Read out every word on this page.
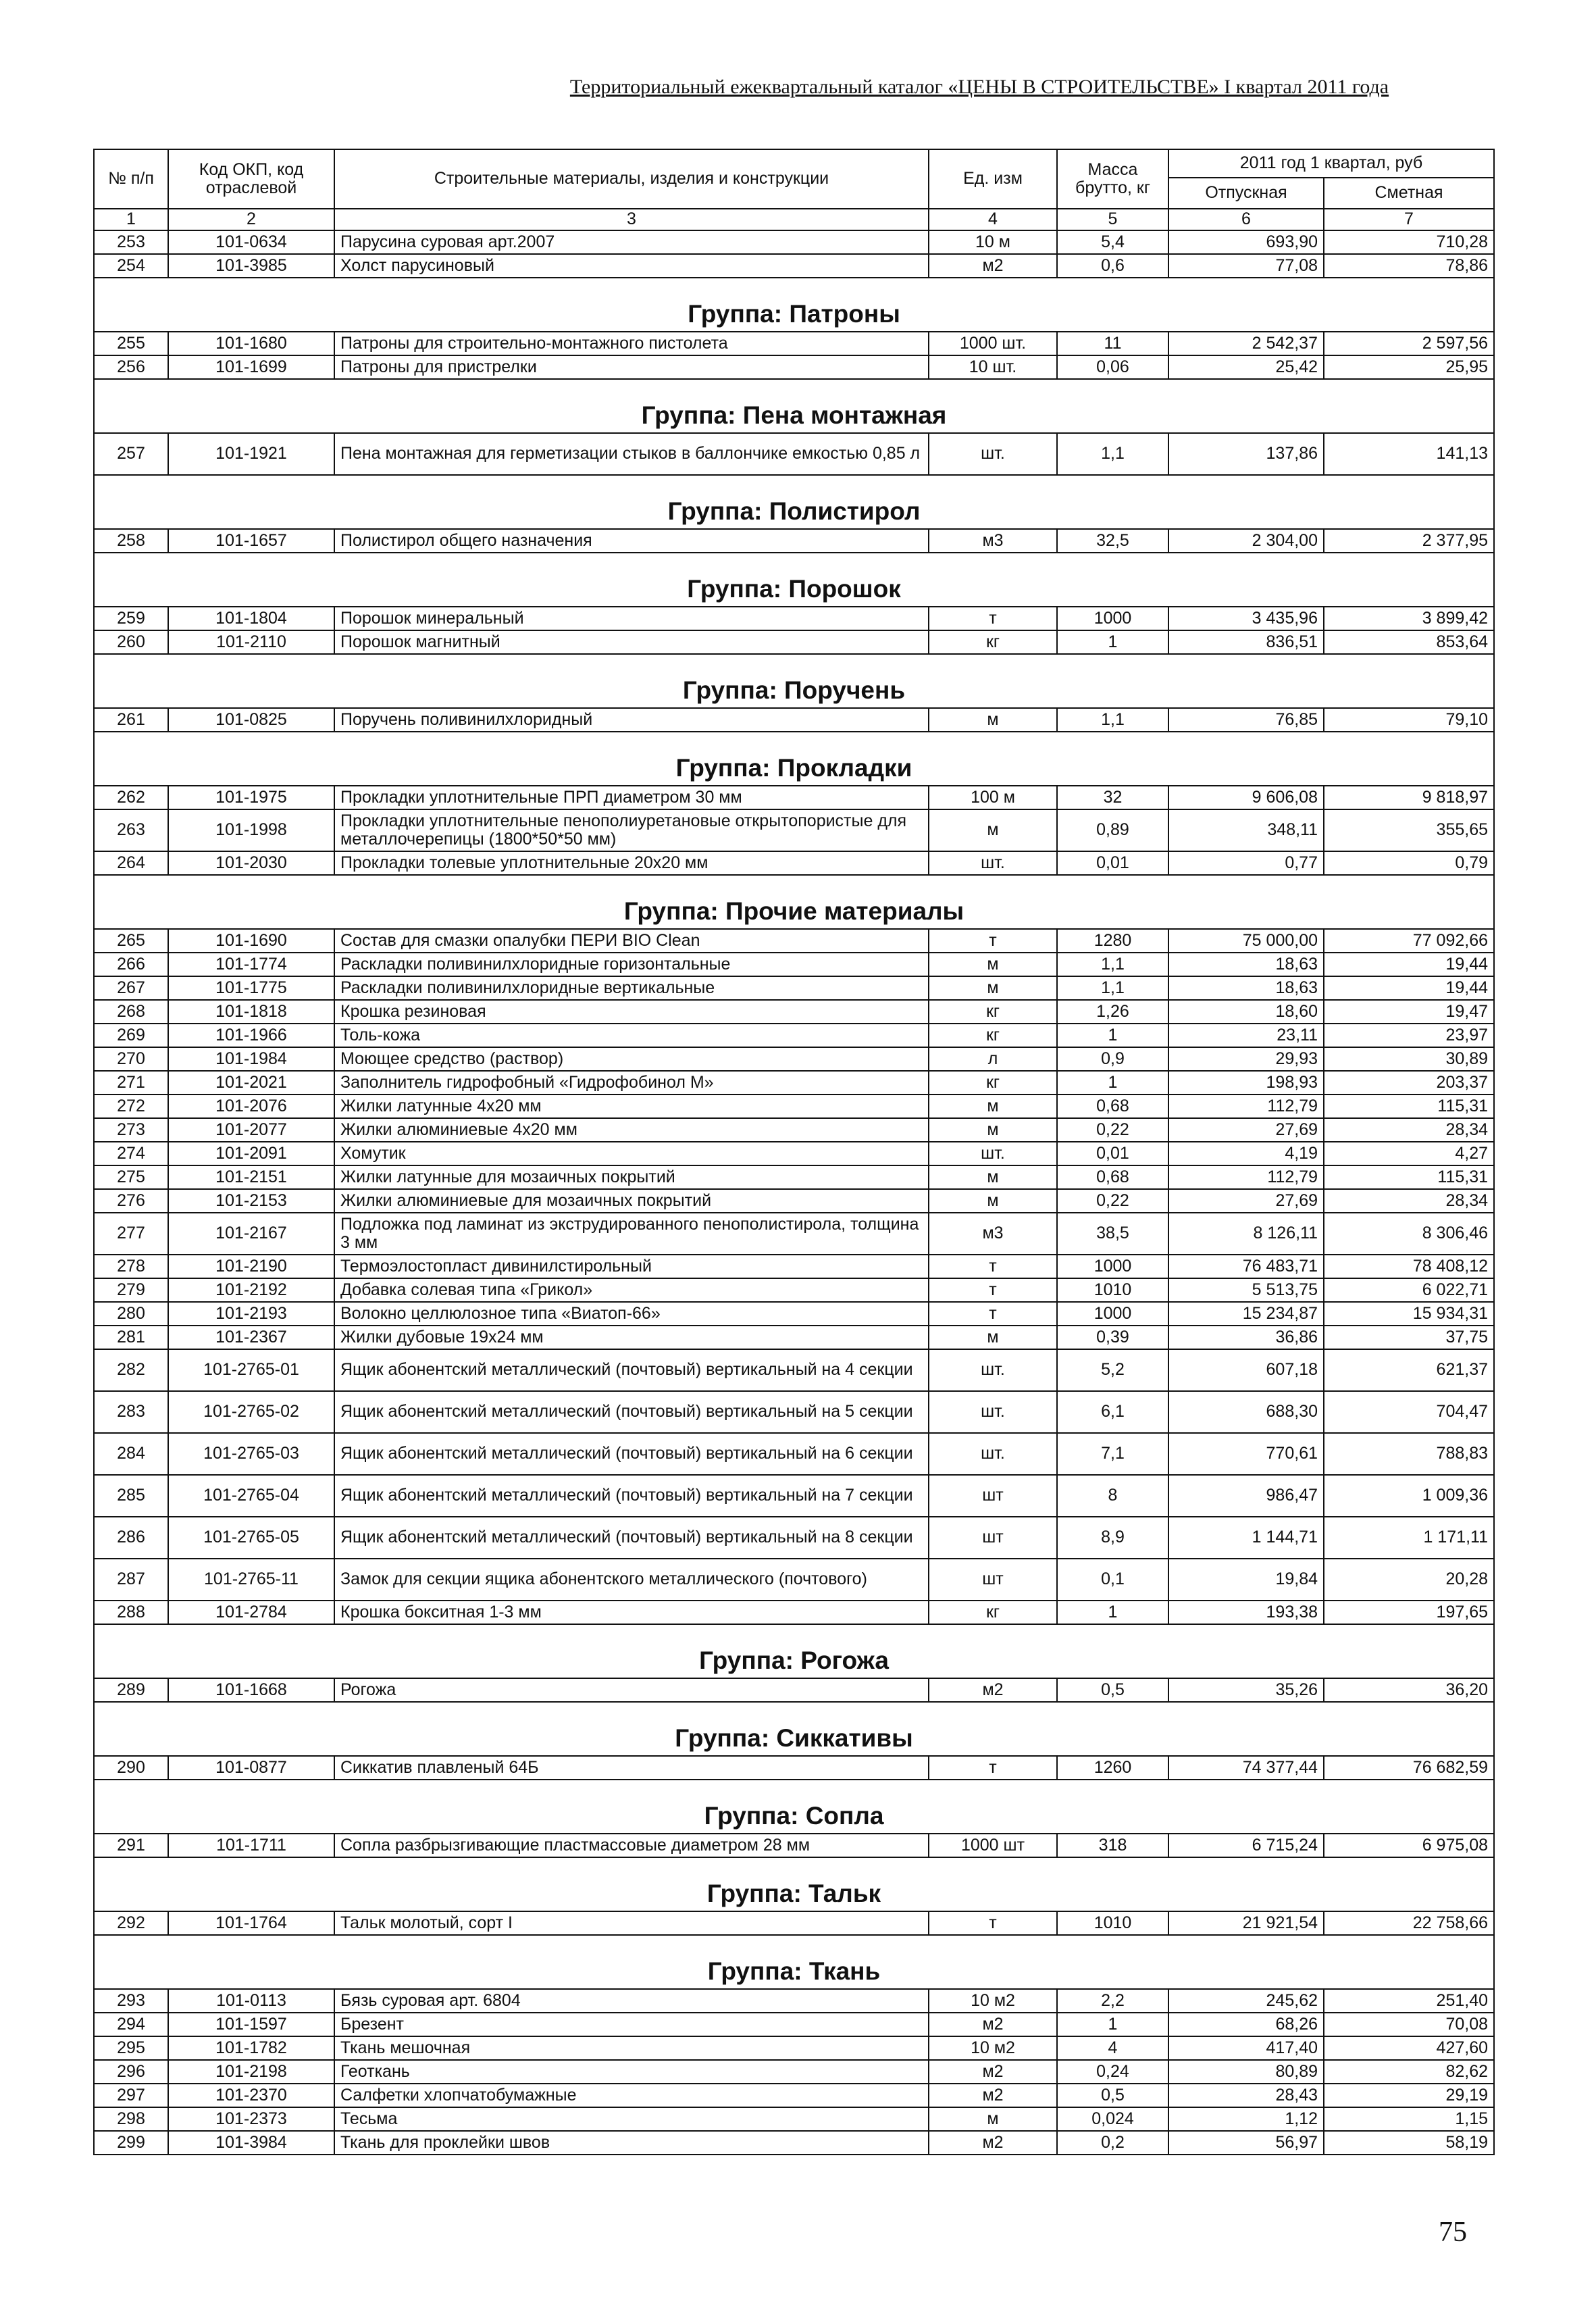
Территориальный ежеквартальный каталог «ЦЕНЫ В СТРОИТЕЛЬСТВЕ» I квартал 2011 года
№ п/п	Код ОКП, код отраслевой	Строительные материалы, изделия и конструкции	Ед. изм	Масса брутто, кг	2011 год 1 квартал, руб	
					Отпускная	Сметная
1	2	3	4	5	6	7
253	101-0634	Парусина суровая арт.2007	10 м	5,4	693,90	710,28
254	101-3985	Холст парусиновый	м2	0,6	77,08	78,86
Группа: Патроны						
255	101-1680	Патроны для строительно-монтажного пистолета	1000 шт.	11	2 542,37	2 597,56
256	101-1699	Патроны для пристрелки	10 шт.	0,06	25,42	25,95
Группа: Пена монтажная						
257	101-1921	Пена монтажная для герметизации стыков в баллончике емкостью 0,85 л	шт.	1,1	137,86	141,13
Группа: Полистирол						
258	101-1657	Полистирол общего назначения	м3	32,5	2 304,00	2 377,95
Группа: Порошок						
259	101-1804	Порошок минеральный	т	1000	3 435,96	3 899,42
260	101-2110	Порошок магнитный	кг	1	836,51	853,64
Группа: Поручень						
261	101-0825	Поручень поливинилхлоридный	м	1,1	76,85	79,10
Группа: Прокладки						
262	101-1975	Прокладки уплотнительные ПРП диаметром 30 мм	100 м	32	9 606,08	9 818,97
263	101-1998	Прокладки уплотнительные пенополиуретановые открытопористые для металлочерепицы (1800*50*50 мм)	м	0,89	348,11	355,65
264	101-2030	Прокладки толевые уплотнительные 20х20 мм	шт.	0,01	0,77	0,79
Группа: Прочие материалы						
265	101-1690	Состав для смазки опалубки ПЕРИ BIO Clean	т	1280	75 000,00	77 092,66
266	101-1774	Раскладки поливинилхлоридные горизонтальные	м	1,1	18,63	19,44
267	101-1775	Раскладки поливинилхлоридные вертикальные	м	1,1	18,63	19,44
268	101-1818	Крошка резиновая	кг	1,26	18,60	19,47
269	101-1966	Толь-кожа	кг	1	23,11	23,97
270	101-1984	Моющее средство (раствор)	л	0,9	29,93	30,89
271	101-2021	Заполнитель гидрофобный «Гидрофобинол М»	кг	1	198,93	203,37
272	101-2076	Жилки латунные 4х20 мм	м	0,68	112,79	115,31
273	101-2077	Жилки алюминиевые 4х20 мм	м	0,22	27,69	28,34
274	101-2091	Хомутик	шт.	0,01	4,19	4,27
275	101-2151	Жилки латунные для мозаичных покрытий	м	0,68	112,79	115,31
276	101-2153	Жилки алюминиевые для мозаичных покрытий	м	0,22	27,69	28,34
277	101-2167	Подложка под ламинат из экструдированного пенополистирола, толщина 3 мм	м3	38,5	8 126,11	8 306,46
278	101-2190	Термоэлостопласт дивинилстирольный	т	1000	76 483,71	78 408,12
279	101-2192	Добавка солевая типа «Грикол»	т	1010	5 513,75	6 022,71
280	101-2193	Волокно целлюлозное типа «Виатоп-66»	т	1000	15 234,87	15 934,31
281	101-2367	Жилки дубовые 19х24 мм	м	0,39	36,86	37,75
282	101-2765-01	Ящик абонентский металлический (почтовый) вертикальный на 4 секции	шт.	5,2	607,18	621,37
283	101-2765-02	Ящик абонентский металлический (почтовый) вертикальный на 5 секции	шт.	6,1	688,30	704,47
284	101-2765-03	Ящик абонентский металлический (почтовый) вертикальный на 6 секции	шт.	7,1	770,61	788,83
285	101-2765-04	Ящик абонентский металлический (почтовый) вертикальный на 7 секции	шт	8	986,47	1 009,36
286	101-2765-05	Ящик абонентский металлический (почтовый) вертикальный на 8 секции	шт	8,9	1 144,71	1 171,11
287	101-2765-11	Замок для секции ящика абонентского металлического (почтового)	шт	0,1	19,84	20,28
288	101-2784	Крошка бокситная 1-3 мм	кг	1	193,38	197,65
Группа: Рогожа						
289	101-1668	Рогожа	м2	0,5	35,26	36,20
Группа: Сиккативы						
290	101-0877	Сиккатив плавленый 64Б	т	1260	74 377,44	76 682,59
Группа: Сопла						
291	101-1711	Сопла разбрызгивающие пластмассовые диаметром 28 мм	1000 шт	318	6 715,24	6 975,08
Группа: Тальк						
292	101-1764	Тальк молотый, сорт I	т	1010	21 921,54	22 758,66
Группа: Ткань						
293	101-0113	Бязь суровая арт. 6804	10 м2	2,2	245,62	251,40
294	101-1597	Брезент	м2	1	68,26	70,08
295	101-1782	Ткань мешочная	10 м2	4	417,40	427,60
296	101-2198	Геоткань	м2	0,24	80,89	82,62
297	101-2370	Салфетки хлопчатобумажные	м2	0,5	28,43	29,19
298	101-2373	Тесьма	м	0,024	1,12	1,15
299	101-3984	Ткань для проклейки швов	м2	0,2	56,97	58,19
75
